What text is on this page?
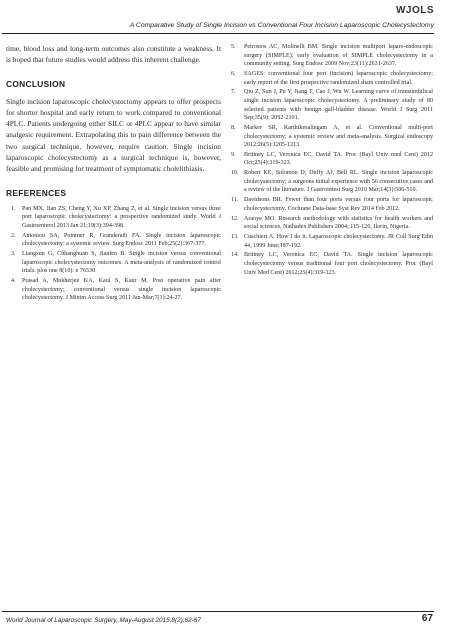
WJOLS
A Comparative Study of Single Incision vs Conventional Four Incision Laparoscopic Cholecystectomy

time, blood loss and long-term outcomes also constitute a weakness. It is hoped that future studies would address this inherent challenge.

CONCLUSION

Single incision laparoscopic cholecystectomy appears to offer prospects for shorter hospital and early return to work compared to conventional 4PLC. Patients undergoing either SILC or 4PLC appear to have similar analgesic requirement. Extrapolating this to pain difference between the two surgical technique, however, require caution. Single incision laparoscopic cholecystectomy as a surgical technique is, however, feasible and promising for treatment of symptomatic cholelithiasis.

REFERENCES
1. Pan MX, Jian ZS, Cheng Y, Xu XP, Zhang Z, et al. Single incision versus three port laparoscopic cholecystectomy: a prospective randomized study. World J Gastroenterol 2013 Jan 21;19(3):394-398.
2. Antoniou SA, Pointner R, Granderath FA. Single incision laparoscopic cholecystectomy: a systemic review. Surg Endosc 2011 Feb;25(2):367-377.
3. Liangsun G, Chhanghuan S, Jianfen B. Single incision versus conventional laparoscopic cholecystectomy outcomes. A meta-analysis of randomized control trials. plos one 8(10): e 76530.
4. Prasad A, Mukherjee KA, Kaul S, Kaur M. Post operative pain after cholecystectomy; conventional versus single incision laparoscopic cholecystectomy. J Minim Access Surg 2011 Jan-Mar;7(1):24-27.
5. Petrostos AC, Molinelli BM. Single incision multiport laparo-endoscopic surgery (SIMPLE): early evaluation of SIMPLE cholecystectomy in a community setting. Surg Endosc 2009 Nov;23(11):2631-2637.
6. SAGES: conventional four port (incision) laparoscopic cholecystectomy; early report of the first prospective randomized sham controlled trial.
7. Qiu Z, Sun J, Pu Y, Jiang T, Cao J, Wu W. Learning curve of transumbilical single incision laparoscopic cholecystectomy. A preliminary study of 80 selected patients with benign gall-bladder disease. World J Surg 2011 Sep;35(9): 2092-2101.
8. Marker SR, Karthikesalingam A, et al. Conventional multi-port cholecystectomy; a systemic review and meta-analysis. Surgical endoscopy 2012;26(5):1205-1213.
9. Brittney LC, Veronica EC, David TA. Proc (Bayl Univ med Cent) 2012 Oct;25(4):319-323.
10. Robert KE, Solomon D, Duffy AJ, Bell RL. Single incision laparoscopic cholecystectomy; a surgeons initial experience with 56 consecutive cases and a review of the literature. J Gastrointest Surg 2010 Mar;14(3):506-510.
11. Davidsons BR. Fewer than four ports versus four ports for laparoscopic cholecystectomy. Cochrane Data-base Syst Rev 2014 Feb 2012.
12. Araoye MO. Research methodology with statistics for health workers and social sciences. Nathadex Publishers 2004; 115-120, Ilorin, Nigeria.
13. Cuschieri A. How I do it. Laparoscopic cholecystectomy. JR Coll Surg Edin 44, 1999 June;187-192.
14. Brittney LC, Veronica EC, David TA. Single incision laparoscopic cholecystectomy versus traditional four port cholecystectomy. Proc (Bayl Univ Med Cent) 2012;25(4):319-323.
World Journal of Laparoscopic Surgery, May-August 2015;8(2):62-67	67
